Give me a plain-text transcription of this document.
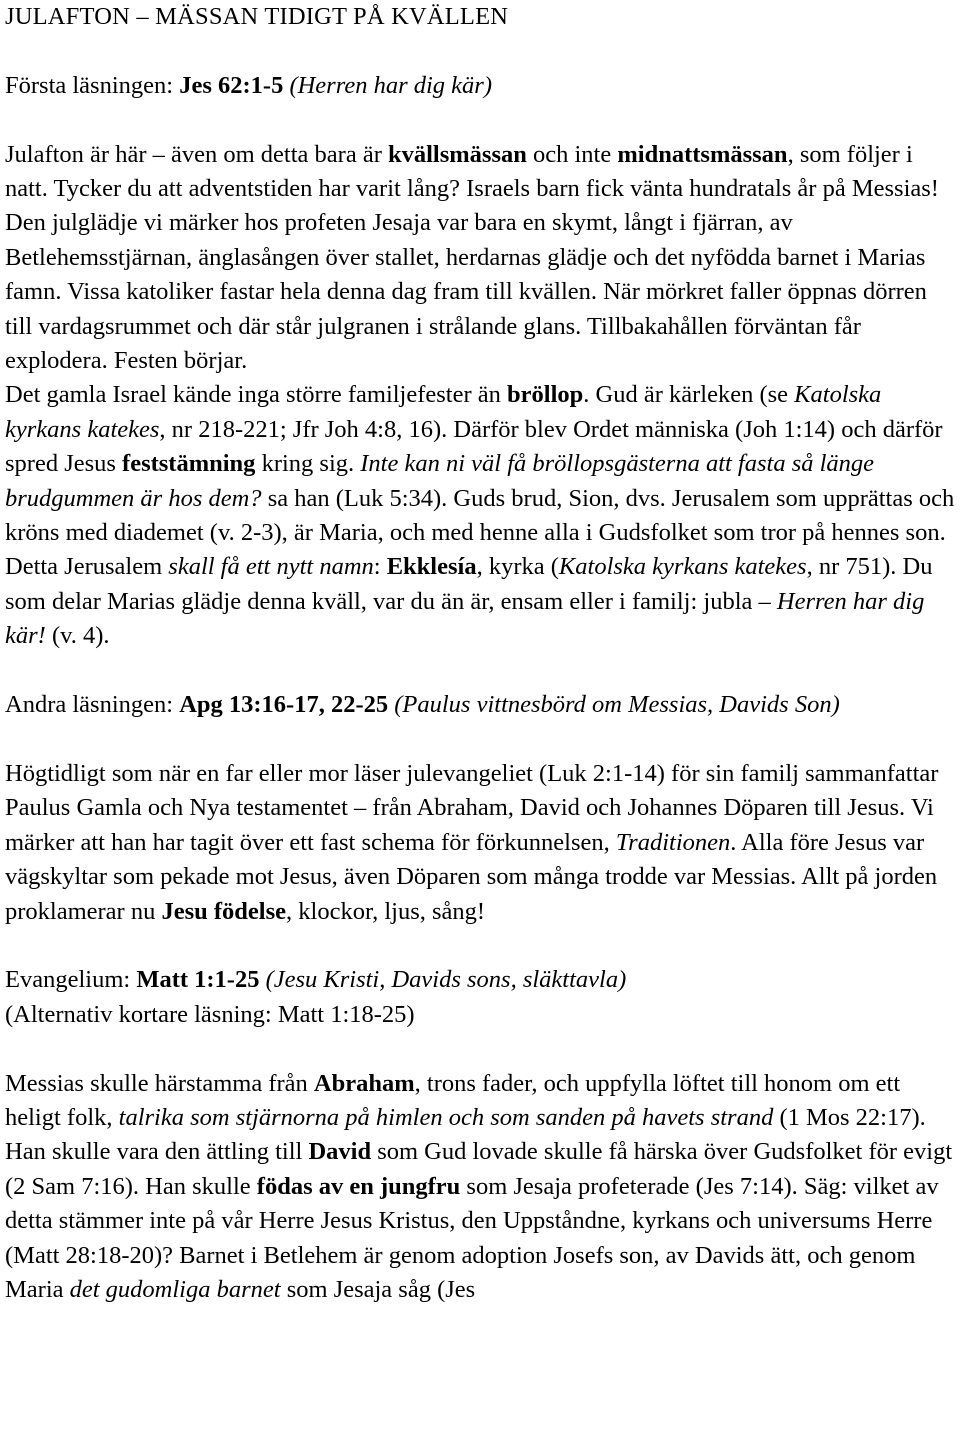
JULAFTON – MÄSSAN TIDIGT PÅ KVÄLLEN

Första läsningen: Jes 62:1-5 (Herren har dig kär)

Julafton är här – även om detta bara är kvällsmässan och inte midnattsmässan, som följer i natt. Tycker du att adventstiden har varit lång? Israels barn fick vänta hundratals år på Messias! Den julglädje vi märker hos profeten Jesaja var bara en skymt, långt i fjärran, av Betlehemsstjärnan, änglasången över stallet, herdarnas glädje och det nyfödda barnet i Marias famn. Vissa katoliker fastar hela denna dag fram till kvällen. När mörkret faller öppnas dörren till vardagsrummet och där står julgranen i strålande glans. Tillbakahållen förväntan får explodera. Festen börjar.
Det gamla Israel kände inga större familjefester än bröllop. Gud är kärleken (se Katolska kyrkans katekes, nr 218-221; Jfr Joh 4:8, 16). Därför blev Ordet människa (Joh 1:14) och därför spred Jesus feststämning kring sig. Inte kan ni väl få bröllopsgästerna att fasta så länge brudgummen är hos dem? sa han (Luk 5:34). Guds brud, Sion, dvs. Jerusalem som upprättas och kröns med diademet (v. 2-3), är Maria, och med henne alla i Gudsfolket som tror på hennes son. Detta Jerusalem skall få ett nytt namn: Ekklesía, kyrka (Katolska kyrkans katekes, nr 751). Du som delar Marias glädje denna kväll, var du än är, ensam eller i familj: jubla – Herren har dig kär! (v. 4).

Andra läsningen: Apg 13:16-17, 22-25 (Paulus vittnesbörd om Messias, Davids Son)

Högtidligt som när en far eller mor läser julevangeliet (Luk 2:1-14) för sin familj sammanfattar Paulus Gamla och Nya testamentet – från Abraham, David och Johannes Döparen till Jesus. Vi märker att han har tagit över ett fast schema för förkunnelsen, Traditionen. Alla före Jesus var vägskyltar som pekade mot Jesus, även Döparen som många trodde var Messias. Allt på jorden proklamerar nu Jesu födelse, klockor, ljus, sång!

Evangelium: Matt 1:1-25 (Jesu Kristi, Davids sons, släkttavla)
(Alternativ kortare läsning: Matt 1:18-25)

Messias skulle härstamma från Abraham, trons fader, och uppfylla löftet till honom om ett heligt folk, talrika som stjärnorna på himlen och som sanden på havets strand (1 Mos 22:17). Han skulle vara den ättling till David som Gud lovade skulle få härska över Gudsfolket för evigt (2 Sam 7:16). Han skulle födas av en jungfru som Jesaja profeterade (Jes 7:14). Säg: vilket av detta stämmer inte på vår Herre Jesus Kristus, den Uppståndne, kyrkans och universums Herre (Matt 28:18-20)? Barnet i Betlehem är genom adoption Josefs son, av Davids ätt, och genom Maria det gudomliga barnet som Jesaja såg (Jes
